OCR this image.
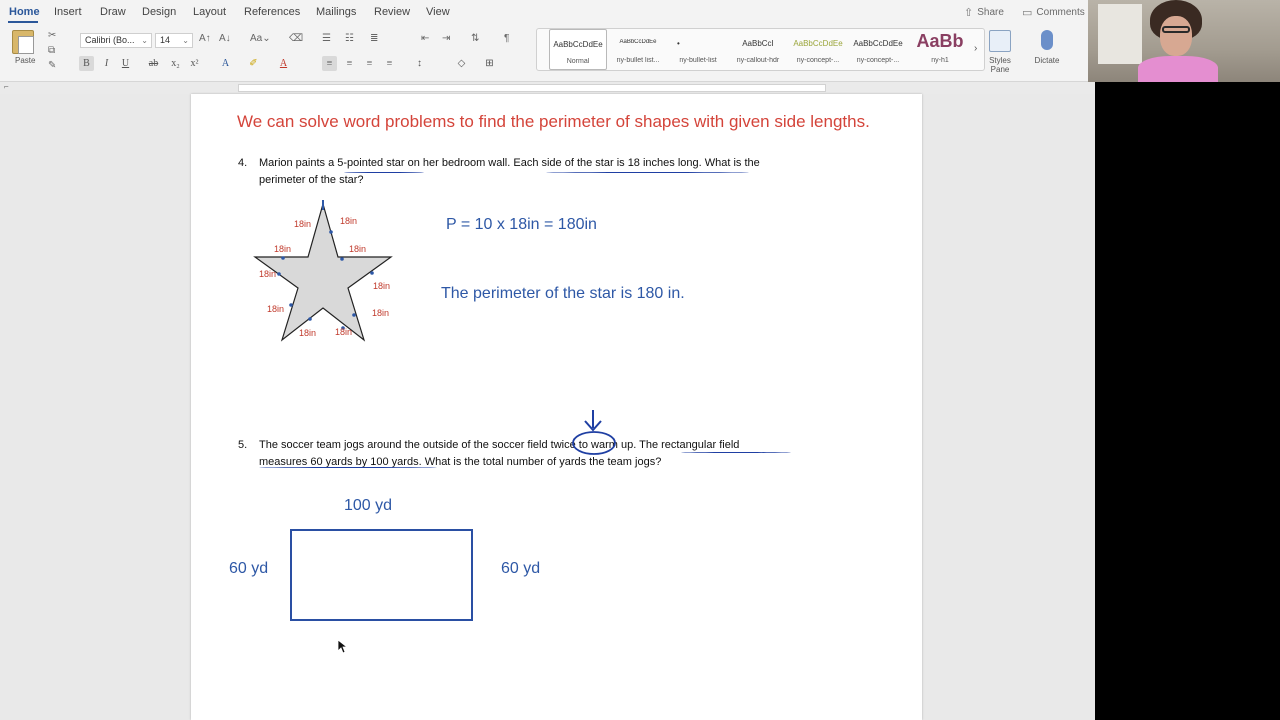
Home Insert Draw Design Layout References Mailings Review View	⇧ Share ▭ Comments
Paste
✂
⧉
✎
Calibri (Bo... ⌄	14 ⌄ A↑ A↓ Aa⌄ ⌫
B	I	U	ab	x₂	x²	A	✐	A
☰ ☷ ≣	⇤ ⇥ ⇅ ¶
≡	≡	≡	≡	↕	◇	⊞
AaBbCcDdEe
Normal
AaBbCcDdEe
ny-bullet list...
•
ny-bullet-list
AaBbCcI
ny-callout-hdr
AaBbCcDdEe
ny-concept-...
AaBbCcDdEe
ny-concept-...
AaBb
ny-h1
›
Styles Pane
Dictate
⌐
We can solve word problems to find the perimeter of shapes with given side lengths.
4. Marion paints a 5-pointed star on her bedroom wall. Each side of the star is 18 inches long. What is the
perimeter of the star?
18in	18in
18in
18in
18in
18in
18in
18in
18in
18in
P = 10 x 18in = 180in
The perimeter of the star is 180 in.
5. The soccer team jogs around the outside of the soccer field twice to warm up. The rectangular field
measures 60 yards by 100 yards. What is the total number of yards the team jogs?
100 yd
60 yd	60 yd
